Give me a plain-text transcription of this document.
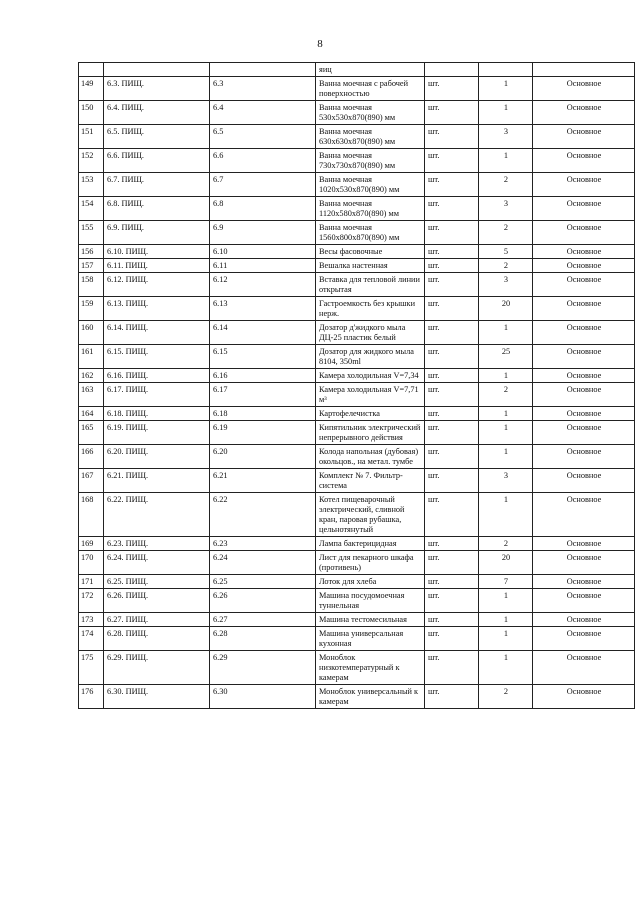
8
			яиц			
149	6.3. ПИЩ.	6.3	Ванна моечная с рабочей поверхностью	шт.	1	Основное
150	6.4. ПИЩ.	6.4	Ванна моечная 530x530x870(890) мм	шт.	1	Основное
151	6.5. ПИЩ.	6.5	Ванна моечная 630x630x870(890) мм	шт.	3	Основное
152	6.6. ПИЩ.	6.6	Ванна моечная 730x730x870(890) мм	шт.	1	Основное
153	6.7. ПИЩ.	6.7	Ванна моечная 1020x530x870(890) мм	шт.	2	Основное
154	6.8. ПИЩ.	6.8	Ванна моечная 1120x580x870(890) мм	шт.	3	Основное
155	6.9. ПИЩ.	6.9	Ванна моечная 1560x800x870(890) мм	шт.	2	Основное
156	6.10. ПИЩ.	6.10	Весы фасовочные	шт.	5	Основное
157	6.11. ПИЩ.	6.11	Вешалка настенная	шт.	2	Основное
158	6.12. ПИЩ.	6.12	Вставка для тепловой линии открытая	шт.	3	Основное
159	6.13. ПИЩ.	6.13	Гастроемкость без крышки нерж.	шт.	20	Основное
160	6.14. ПИЩ.	6.14	Дозатор д'жидкого мыла ДЦ-25 пластик белый	шт.	1	Основное
161	6.15. ПИЩ.	6.15	Дозатор для жидкого мыла 8104, 350ml	шт.	25	Основное
162	6.16. ПИЩ.	6.16	Камера холодильная V=7,34	шт.	1	Основное
163	6.17. ПИЩ.	6.17	Камера холодильная V=7,71 м³	шт.	2	Основное
164	6.18. ПИЩ.	6.18	Картофелечистка	шт.	1	Основное
165	6.19. ПИЩ.	6.19	Кипятильник электрический непрерывного действия	шт.	1	Основное
166	6.20. ПИЩ.	6.20	Колода напольная (дубовая) окольцов., на метал. тумбе	шт.	1	Основное
167	6.21. ПИЩ.	6.21	Комплект № 7. Фильтр-система	шт.	3	Основное
168	6.22. ПИЩ.	6.22	Котел пищеварочный электрический, сливной кран, паровая рубашка, цельнотянутый	шт.	1	Основное
169	6.23. ПИЩ.	6.23	Лампа бактерицидная	шт.	2	Основное
170	6.24. ПИЩ.	6.24	Лист для пекарного шкафа (противень)	шт.	20	Основное
171	6.25. ПИЩ.	6.25	Лоток для хлеба	шт.	7	Основное
172	6.26. ПИЩ.	6.26	Машина посудомоечная туннельная	шт.	1	Основное
173	6.27. ПИЩ.	6.27	Машина тестомесильная	шт.	1	Основное
174	6.28. ПИЩ.	6.28	Машина универсальная кухонная	шт.	1	Основное
175	6.29. ПИЩ.	6.29	Моноблок низкотемпературный к камерам	шт.	1	Основное
176	6.30. ПИЩ.	6.30	Моноблок универсальный к камерам	шт.	2	Основное
